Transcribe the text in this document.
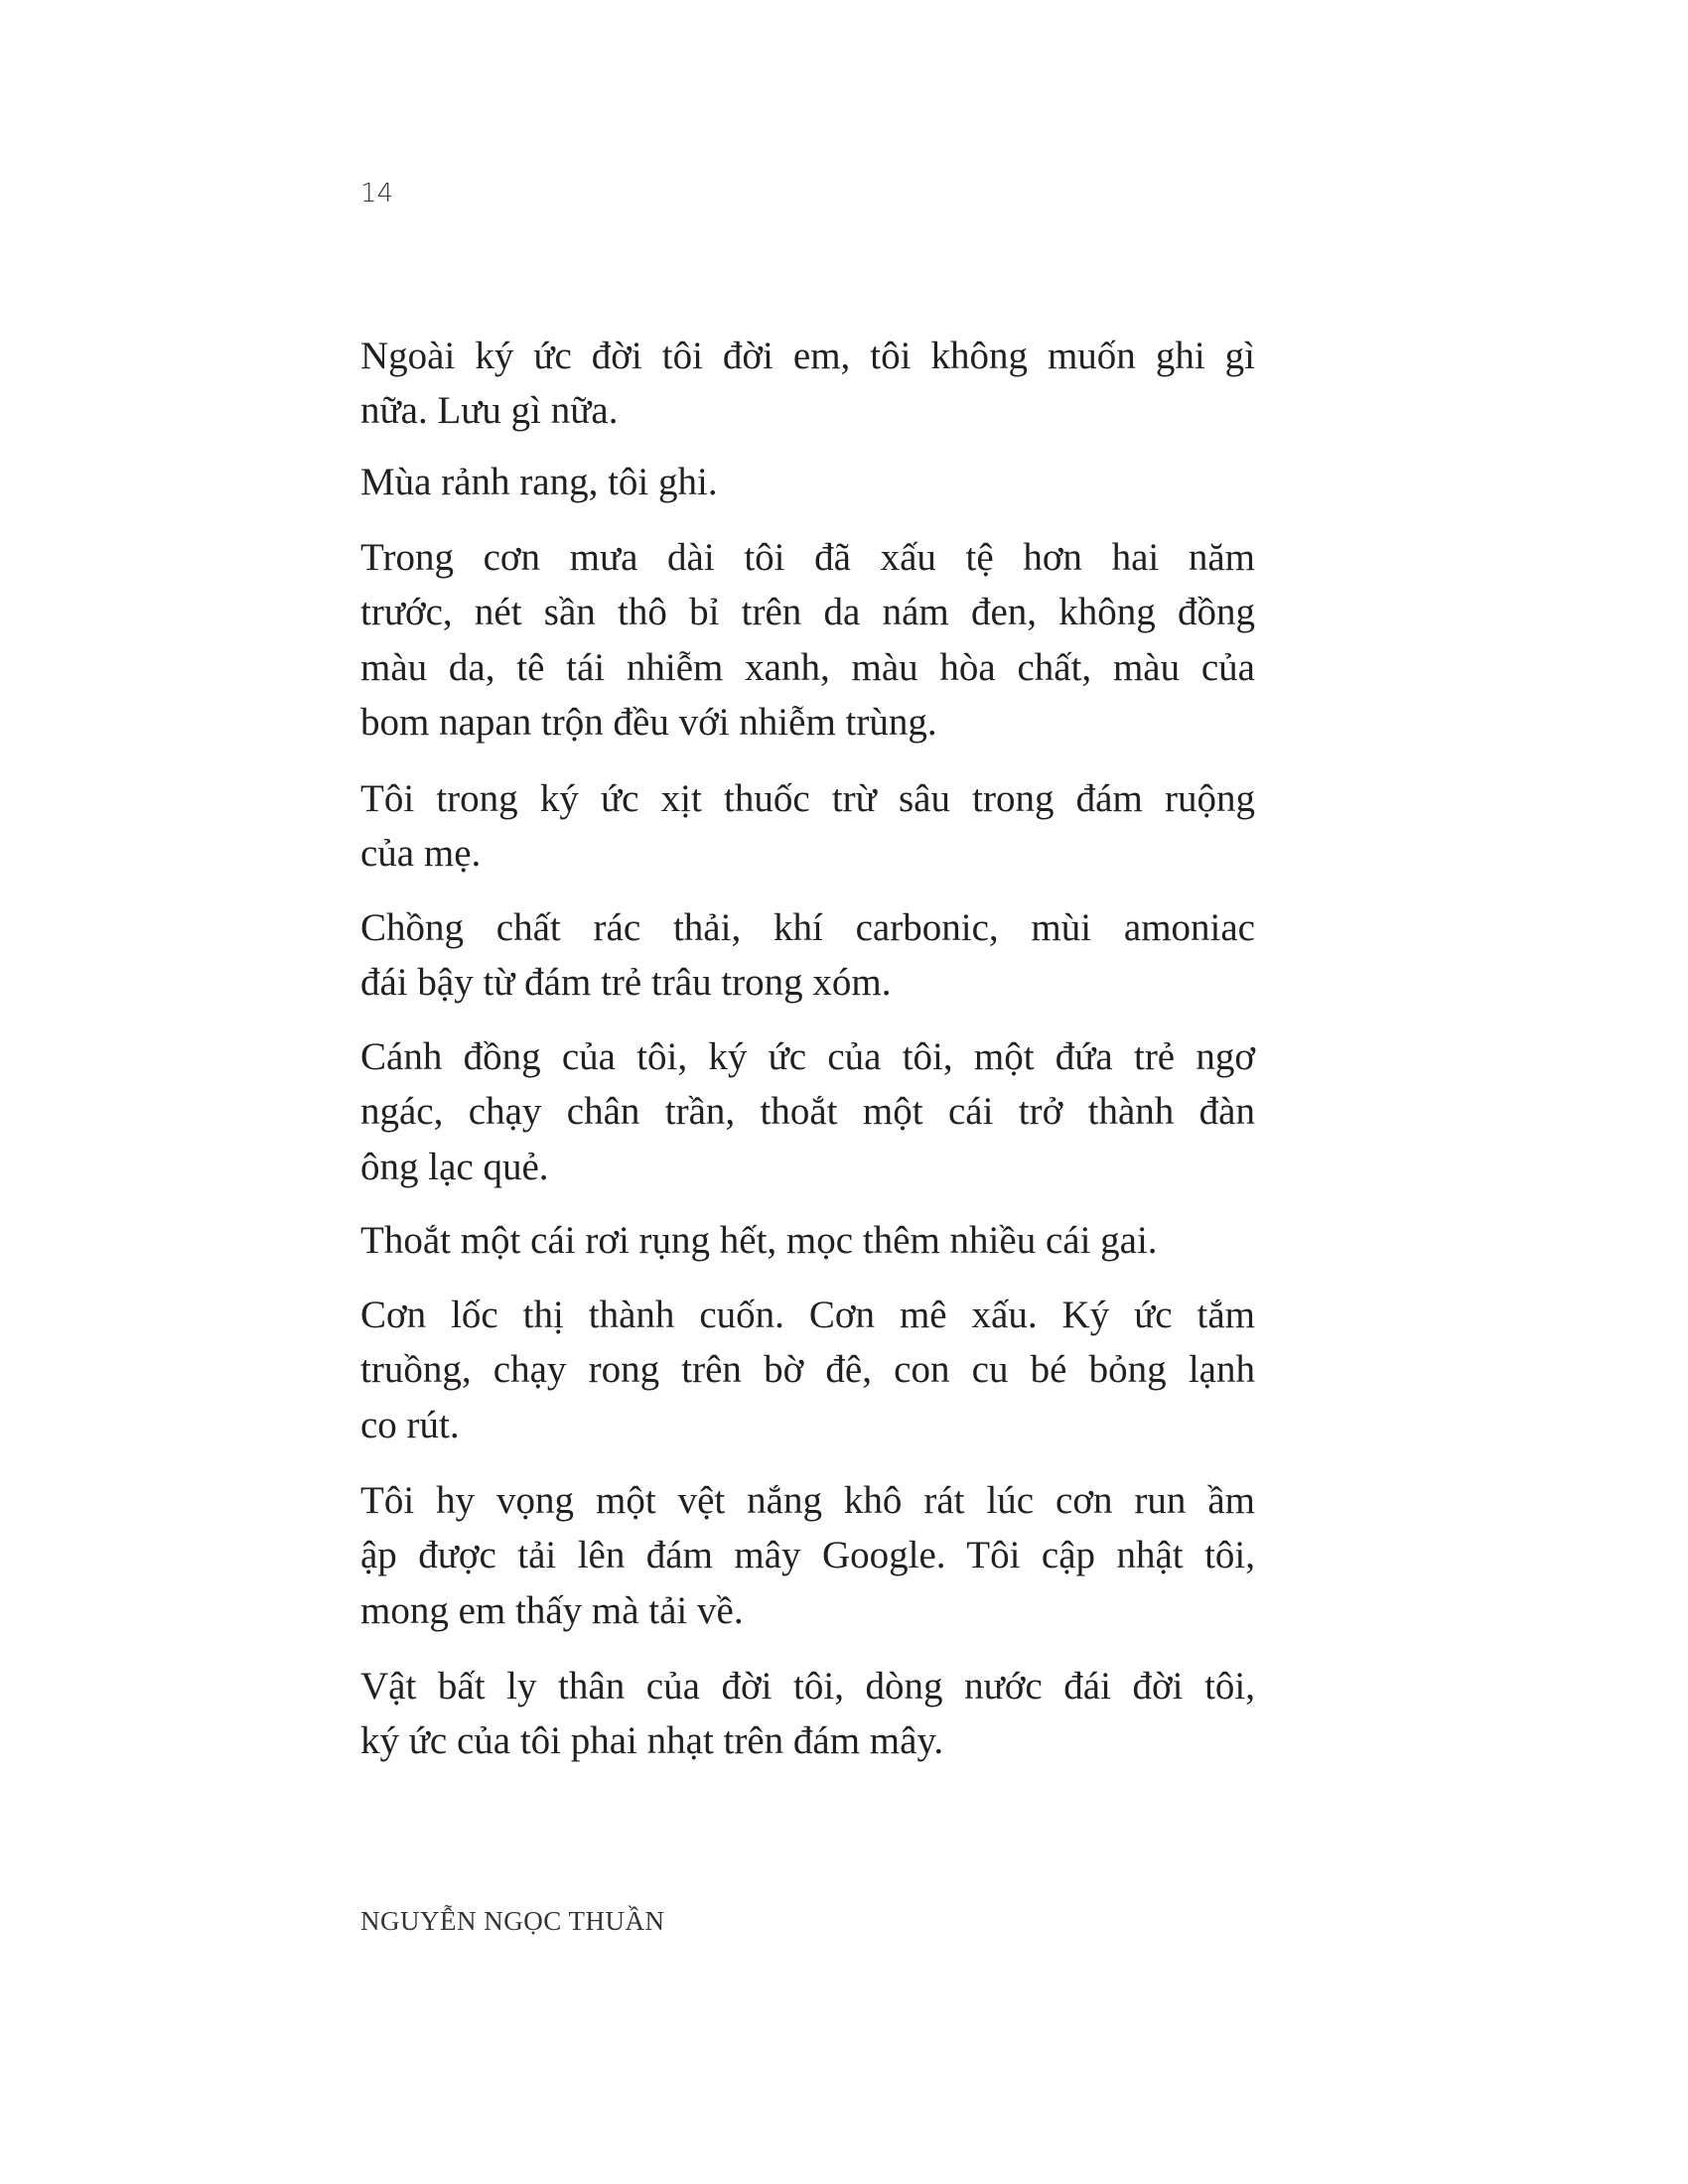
14

Ngoài ký ức đời tôi đời em, tôi không muốn ghi gì
nữa. Lưu gì nữa.

Mùa rảnh rang, tôi ghi.

Trong cơn mưa dài tôi đã xấu tệ hơn hai năm
trước, nét sần thô bỉ trên da nám đen, không đồng
màu da, tê tái nhiễm xanh, màu hòa chất, màu của
bom napan trộn đều với nhiễm trùng.

Tôi trong ký ức xịt thuốc trừ sâu trong đám ruộng
của mẹ.

Chồng chất rác thải, khí carbonic, mùi amoniac
đái bậy từ đám trẻ trâu trong xóm.

Cánh đồng của tôi, ký ức của tôi, một đứa trẻ ngơ
ngác, chạy chân trần, thoắt một cái trở thành đàn
ông lạc quẻ.

Thoắt một cái rơi rụng hết, mọc thêm nhiều cái gai.

Cơn lốc thị thành cuốn. Cơn mê xấu. Ký ức tắm
truồng, chạy rong trên bờ đê, con cu bé bỏng lạnh
co rút.

Tôi hy vọng một vệt nắng khô rát lúc cơn run ầm
ập được tải lên đám mây Google. Tôi cập nhật tôi,
mong em thấy mà tải về.

Vật bất ly thân của đời tôi, dòng nước đái đời tôi,
ký ức của tôi phai nhạt trên đám mây.

NGUYỄN NGỌC THUẦN
